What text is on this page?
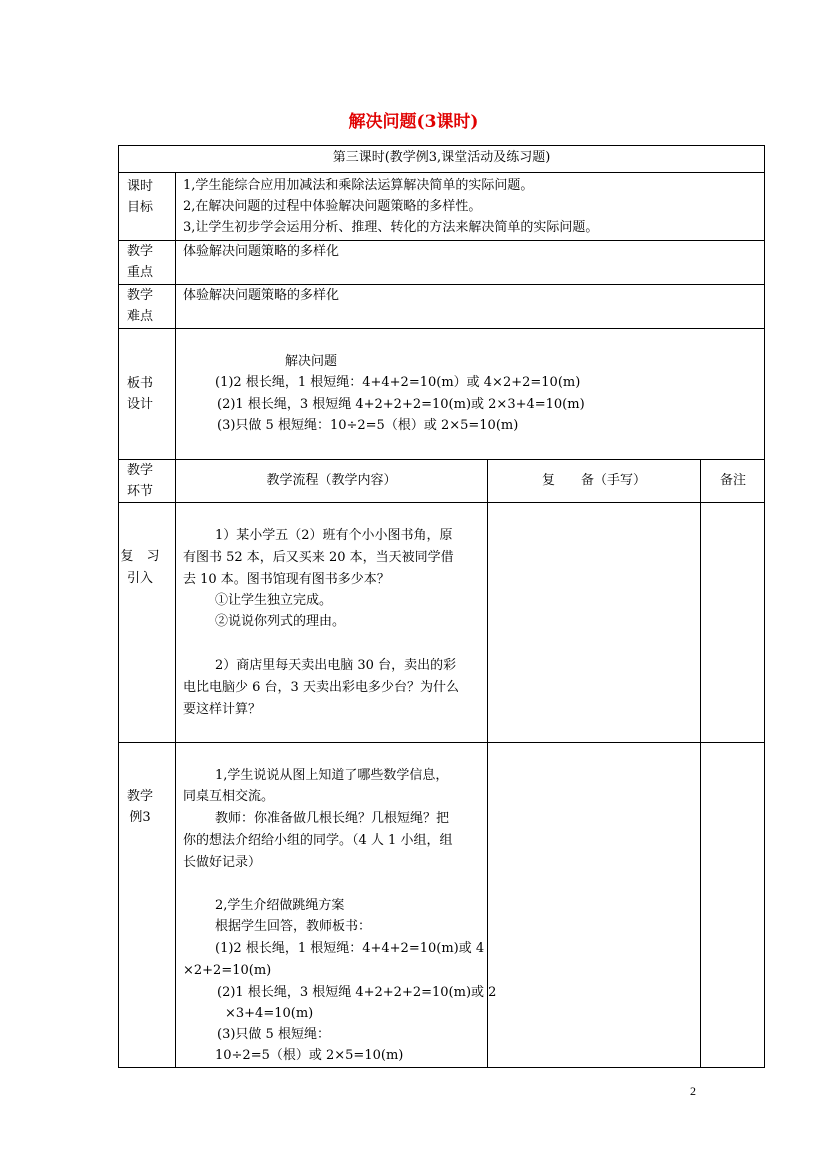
解决问题(3课时)
第三课时(教学例3,课堂活动及练习题)
课时
目标
1,学生能综合应用加减法和乘除法运算解决简单的实际问题。
2,在解决问题的过程中体验解决问题策略的多样性。
3,让学生初步学会运用分析、推理、转化的方法来解决简单的实际问题。
教学
重点
体验解决问题策略的多样化
教学
难点
体验解决问题策略的多样化
板书
设计
解决问题
(1)2 根长绳，1 根短绳：4+4+2=10(m）或 4×2+2=10(m)
(2)1 根长绳，3 根短绳 4+2+2+2=10(m)或 2×3+4=10(m)
(3)只做 5 根短绳：10÷2=5（根）或 2×5=10(m)
教学
环节
教学流程（教学内容）	复　　备（手写）	备注
复　习
引入
1）某小学五（2）班有个小小图书角，原
有图书 52 本，后又买来 20 本，当天被同学借
去 10 本。图书馆现有图书多少本？
①让学生独立完成。
②说说你列式的理由。
2）商店里每天卖出电脑 30 台，卖出的彩
电比电脑少 6 台，3 天卖出彩电多少台？为什么
要这样计算？
教学
例3
1,学生说说从图上知道了哪些数学信息，
同桌互相交流。
教师：你准备做几根长绳？几根短绳？把
你的想法介绍给小组的同学。（4 人 1 小组，组
长做好记录）
2,学生介绍做跳绳方案
根据学生回答，教师板书：
(1)2 根长绳，1 根短绳：4+4+2=10(m)或 4
×2+2=10(m)
(2)1 根长绳，3 根短绳 4+2+2+2=10(m)或 2
×3+4=10(m)
(3)只做 5 根短绳：
10÷2=5（根）或 2×5=10(m)
2
